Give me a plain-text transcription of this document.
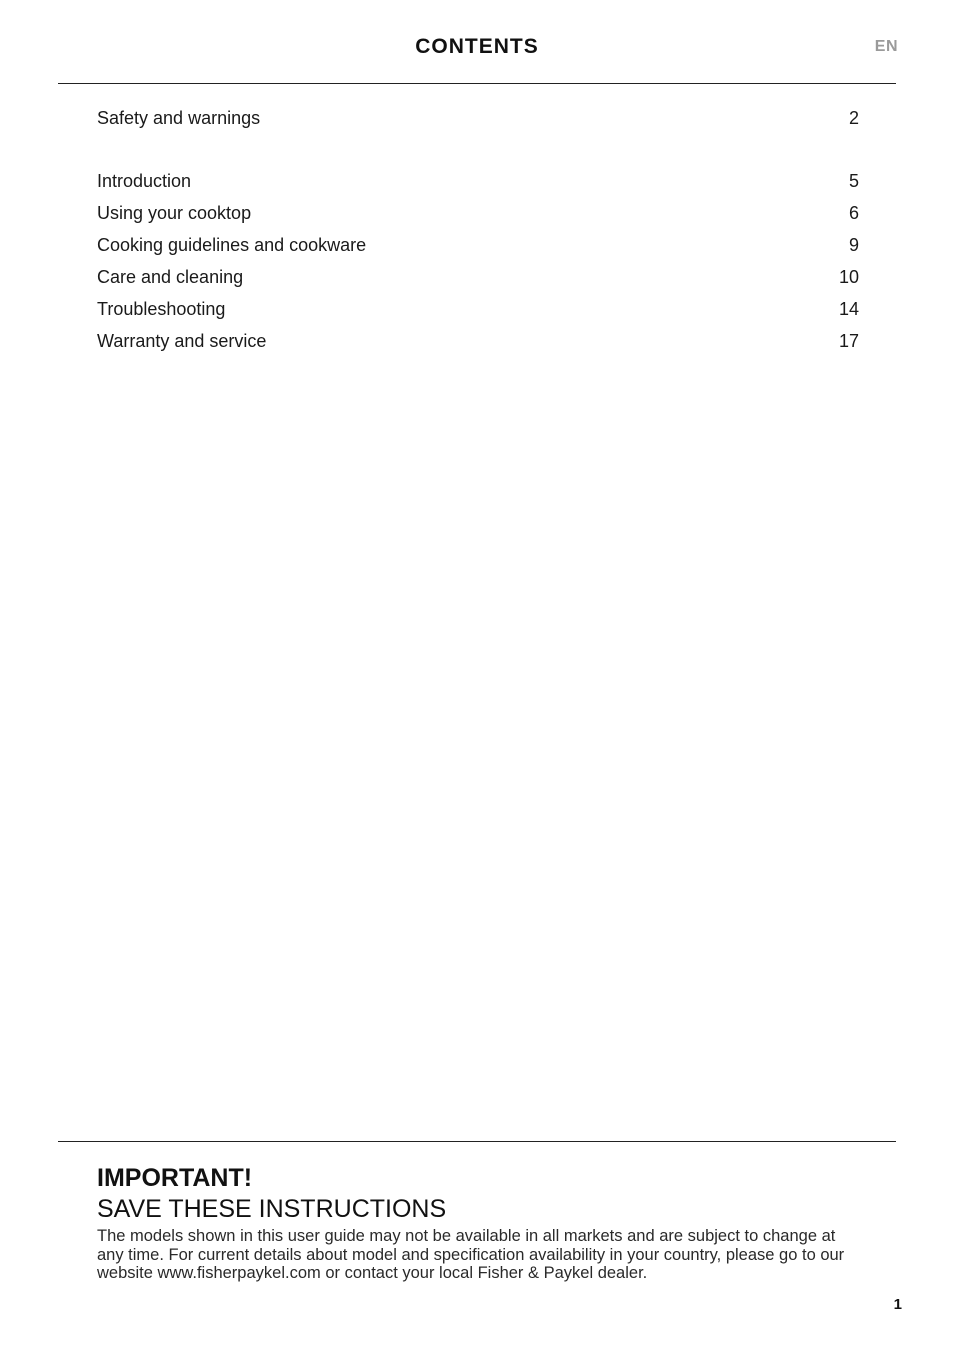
CONTENTS	EN
Safety and warnings	2
Introduction	5
Using your cooktop	6
Cooking guidelines and cookware	9
Care and cleaning	10
Troubleshooting	14
Warranty and service	17
IMPORTANT!
SAVE THESE INSTRUCTIONS
The models shown in this user guide may not be available in all markets and are subject to change at any time. For current details about model and specification availability in your country, please go to our website www.fisherpaykel.com or contact your local Fisher & Paykel dealer.
1
